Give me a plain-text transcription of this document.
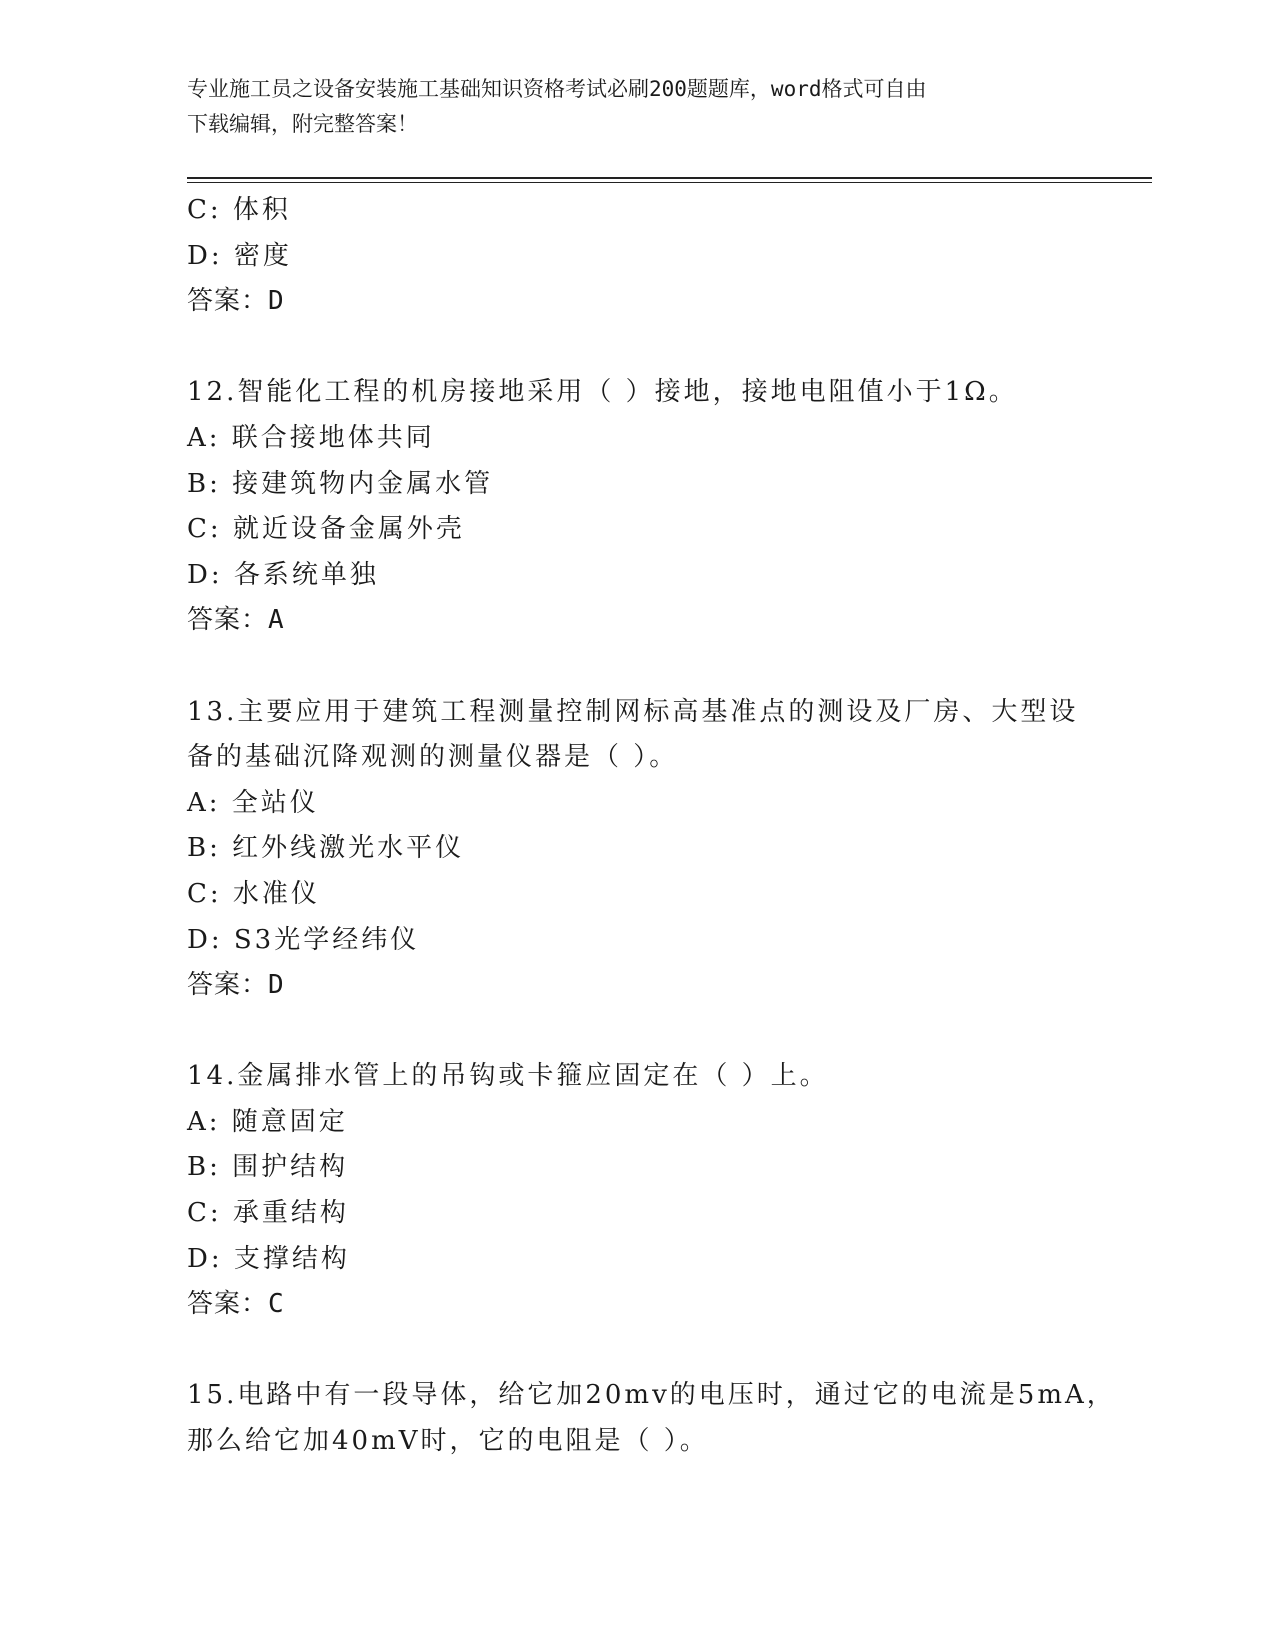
专业施工员之设备安装施工基础知识资格考试必刷200题题库，word格式可自由
下载编辑，附完整答案！
C: 体积
D: 密度
答案：D
12.智能化工程的机房接地采用（ ）接地，接地电阻值小于1Ω。
A: 联合接地体共同
B: 接建筑物内金属水管
C: 就近设备金属外壳
D: 各系统单独
答案：A
13.主要应用于建筑工程测量控制网标高基准点的测设及厂房、大型设
备的基础沉降观测的测量仪器是（ ）。
A: 全站仪
B: 红外线激光水平仪
C: 水准仪
D: S3光学经纬仪
答案：D
14.金属排水管上的吊钩或卡箍应固定在（ ）上。
A: 随意固定
B: 围护结构
C: 承重结构
D: 支撑结构
答案：C
15.电路中有一段导体，给它加20mv的电压时，通过它的电流是5mA，
那么给它加40mV时，它的电阻是（ ）。
